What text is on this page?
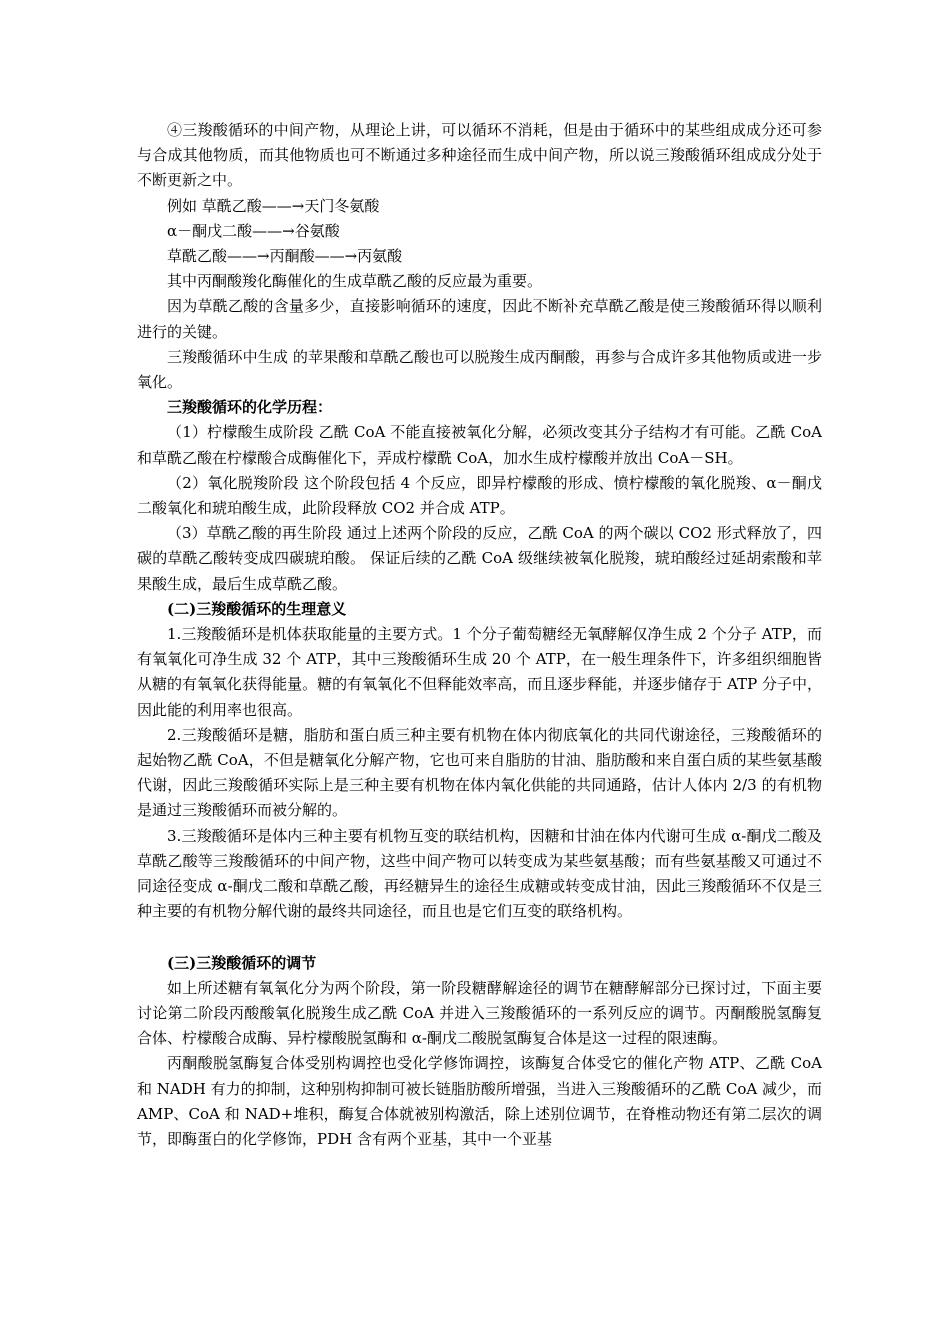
④三羧酸循环的中间产物，从理论上讲，可以循环不消耗，但是由于循环中的某些组成成分还可参与合成其他物质，而其他物质也可不断通过多种途径而生成中间产物，所以说三羧酸循环组成成分处于不断更新之中。

例如 草酰乙酸——→天门冬氨酸

α－酮戊二酸——→谷氨酸

草酰乙酸——→丙酮酸——→丙氨酸

其中丙酮酸羧化酶催化的生成草酰乙酸的反应最为重要。

因为草酰乙酸的含量多少，直接影响循环的速度，因此不断补充草酰乙酸是使三羧酸循环得以顺利进行的关键。

三羧酸循环中生成 的苹果酸和草酰乙酸也可以脱羧生成丙酮酸，再参与合成许多其他物质或进一步氧化。

三羧酸循环的化学历程：

（1）柠檬酸生成阶段 乙酰 CoA 不能直接被氧化分解，必须改变其分子结构才有可能。乙酰 CoA 和草酰乙酸在柠檬酸合成酶催化下，弄成柠檬酰 CoA，加水生成柠檬酸并放出 CoA－SH。

（2）氧化脱羧阶段 这个阶段包括 4 个反应，即异柠檬酸的形成、愤柠檬酸的氧化脱羧、α－酮戊二酸氧化和琥珀酸生成，此阶段释放 CO2 并合成 ATP。

（3）草酰乙酸的再生阶段 通过上述两个阶段的反应，乙酰 CoA 的两个碳以 CO2 形式释放了，四碳的草酰乙酸转变成四碳琥珀酸。 保证后续的乙酰 CoA 级继续被氧化脱羧，琥珀酸经过延胡索酸和苹果酸生成，最后生成草酰乙酸。

(二)三羧酸循环的生理意义

1.三羧酸循环是机体获取能量的主要方式。1 个分子葡萄糖经无氧酵解仅净生成 2 个分子 ATP，而有氧氧化可净生成 32 个 ATP，其中三羧酸循环生成 20 个 ATP，在一般生理条件下，许多组织细胞皆从糖的有氧氧化获得能量。糖的有氧氧化不但释能效率高，而且逐步释能，并逐步储存于 ATP 分子中，因此能的利用率也很高。

2.三羧酸循环是糖，脂肪和蛋白质三种主要有机物在体内彻底氧化的共同代谢途径，三羧酸循环的起始物乙酰 CoA，不但是糖氧化分解产物，它也可来自脂肪的甘油、脂肪酸和来自蛋白质的某些氨基酸代谢，因此三羧酸循环实际上是三种主要有机物在体内氧化供能的共同通路，估计人体内 2/3 的有机物是通过三羧酸循环而被分解的。

3.三羧酸循环是体内三种主要有机物互变的联结机构，因糖和甘油在体内代谢可生成 α-酮戊二酸及草酰乙酸等三羧酸循环的中间产物，这些中间产物可以转变成为某些氨基酸；而有些氨基酸又可通过不同途径变成 α-酮戊二酸和草酰乙酸，再经糖异生的途径生成糖或转变成甘油，因此三羧酸循环不仅是三种主要的有机物分解代谢的最终共同途径，而且也是它们互变的联络机构。

(三)三羧酸循环的调节

如上所述糖有氧氧化分为两个阶段，第一阶段糖酵解途径的调节在糖酵解部分已探讨过，下面主要讨论第二阶段丙酸酸氧化脱羧生成乙酰 CoA 并进入三羧酸循环的一系列反应的调节。丙酮酸脱氢酶复合体、柠檬酸合成酶、异柠檬酸脱氢酶和 α-酮戊二酸脱氢酶复合体是这一过程的限速酶。

丙酮酸脱氢酶复合体受别构调控也受化学修饰调控，该酶复合体受它的催化产物 ATP、乙酰 CoA 和 NADH 有力的抑制，这种别构抑制可被长链脂肪酸所增强，当进入三羧酸循环的乙酰 CoA 减少，而 AMP、CoA 和 NAD+堆积，酶复合体就被别构激活，除上述别位调节，在脊椎动物还有第二层次的调节，即酶蛋白的化学修饰，PDH 含有两个亚基，其中一个亚基
